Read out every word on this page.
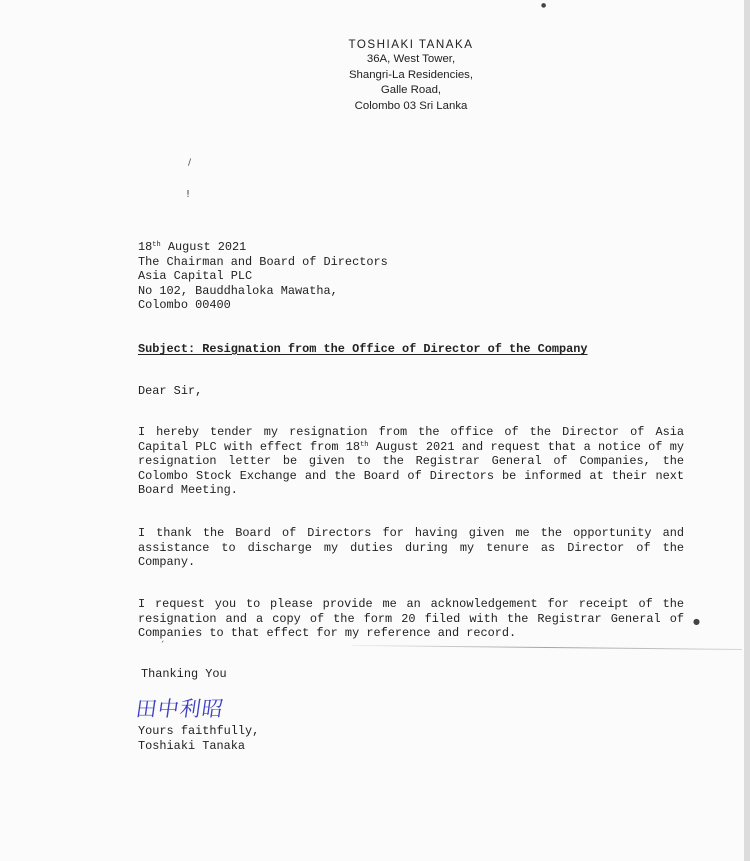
TOSHIAKI TANAKA
36A, West Tower,
Shangri-La Residencies,
Galle Road,
Colombo 03 Sri Lanka
/
!
●
18th August 2021
The Chairman and Board of Directors
Asia Capital PLC
No 102, Bauddhaloka Mawatha,
Colombo 00400
Subject: Resignation from the Office of Director of the Company
Dear Sir,
I hereby tender my resignation from the office of the Director of Asia Capital PLC with effect from 18th August 2021 and request that a notice of my resignation letter be given to the Registrar General of Companies, the Colombo Stock Exchange and the Board of Directors be informed at their next Board Meeting.
I thank the Board of Directors for having given me the opportunity and assistance to discharge my duties during my tenure as Director of the Company.
I request you to please provide me an acknowledgement for receipt of the resignation and a copy of the form 20 filed with the Registrar General of Companies to that effect for my reference and record.
●
ˊ
Thanking You
田中利昭
Yours faithfully,
Toshiaki Tanaka
